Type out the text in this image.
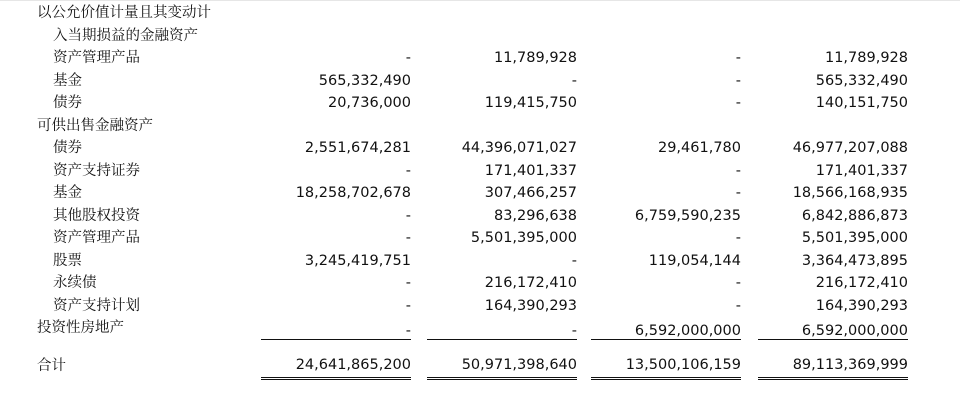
以公允价值计量且其变动计				
入当期损益的金融资产				
资产管理产品	-	11,789,928	-	11,789,928
基金	565,332,490	-	-	565,332,490
债券	20,736,000	119,415,750	-	140,151,750
可供出售金融资产				
债券	2,551,674,281	44,396,071,027	29,461,780	46,977,207,088
资产支持证券	-	171,401,337	-	171,401,337
基金	18,258,702,678	307,466,257	-	18,566,168,935
其他股权投资	-	83,296,638	6,759,590,235	6,842,886,873
资产管理产品	-	5,501,395,000	-	5,501,395,000
股票	3,245,419,751	-	119,054,144	3,364,473,895
永续债	-	216,172,410	-	216,172,410
资产支持计划	-	164,390,293	-	164,390,293
投资性房地产	-	-	6,592,000,000	6,592,000,000

合计	24,641,865,200	50,971,398,640	13,500,106,159	89,113,369,999
